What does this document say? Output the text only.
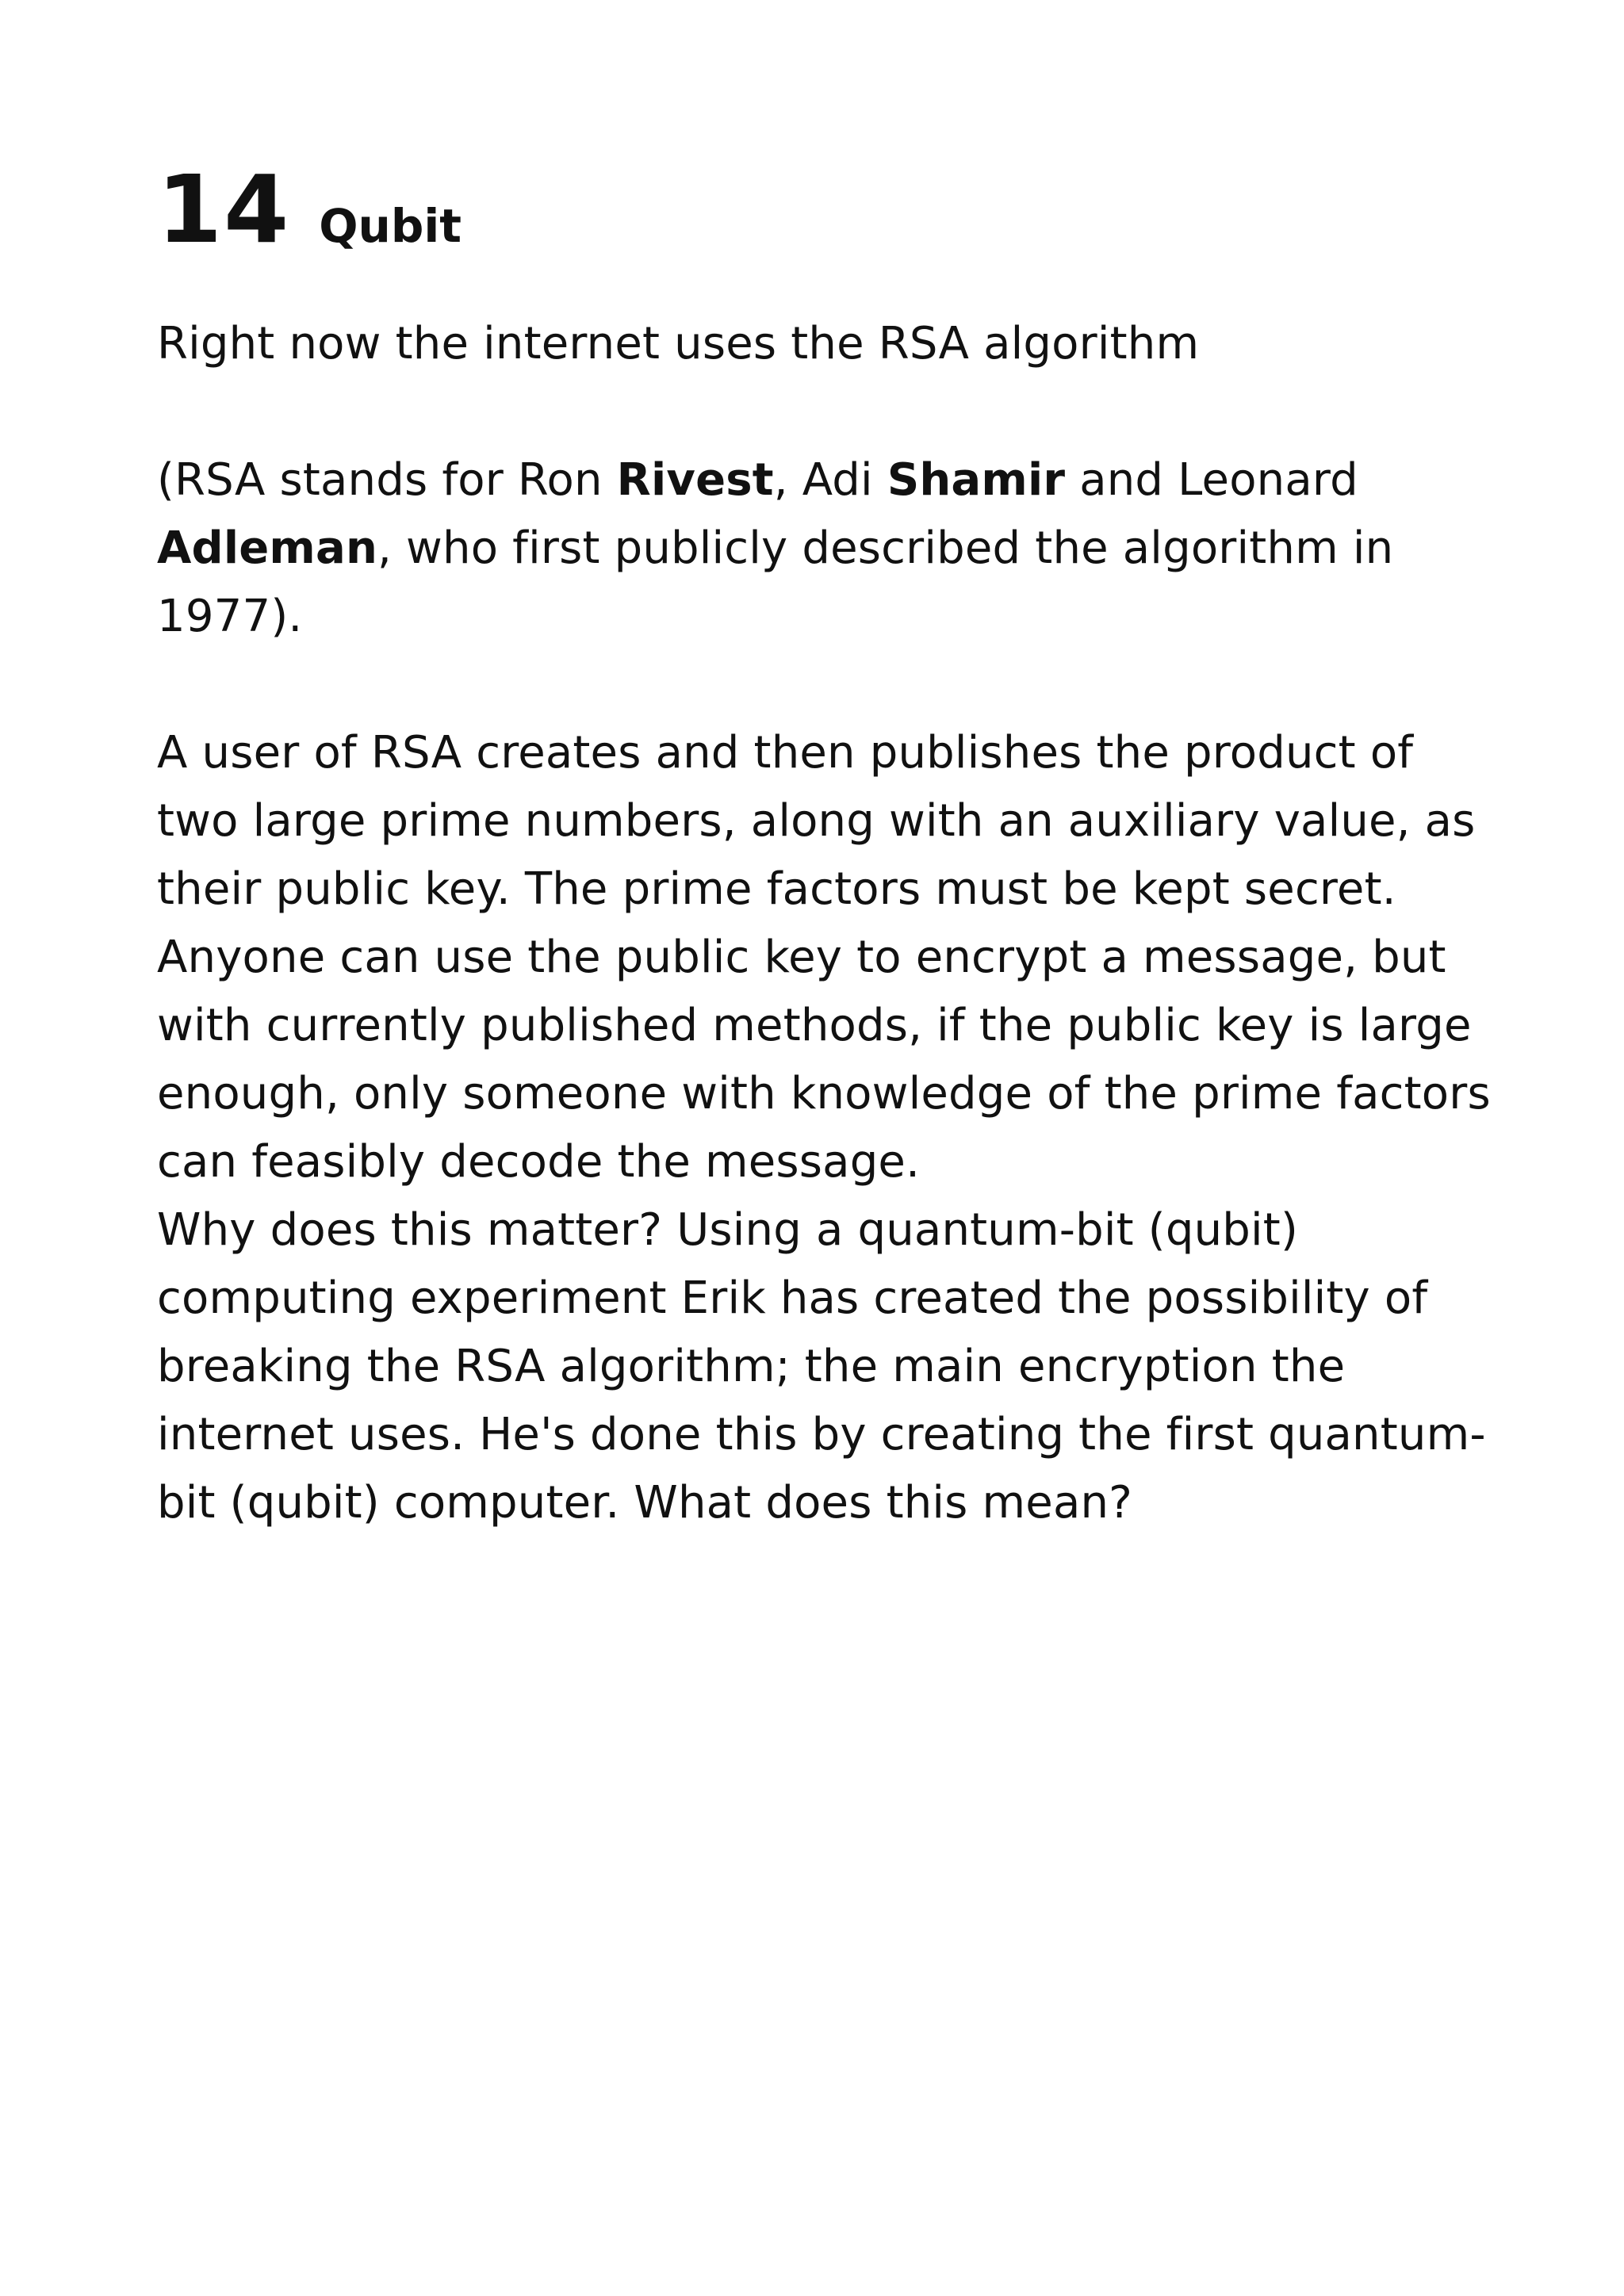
14 Qubit

Right now the internet uses the RSA algorithm

(RSA stands for Ron Rivest, Adi Shamir and Leonard Adleman, who first publicly described the algorithm in 1977).

A user of RSA creates and then publishes the product of two large prime numbers, along with an auxiliary value, as their public key. The prime factors must be kept secret. Anyone can use the public key to encrypt a message, but with currently published methods, if the public key is large enough, only someone with knowledge of the prime factors can feasibly decode the message.

Why does this matter? Using a quantum-bit (qubit) computing experiment Erik has created the possibility of breaking the RSA algorithm; the main encryption the internet uses. He's done this by creating the first quantum-bit (qubit) computer. What does this mean?
